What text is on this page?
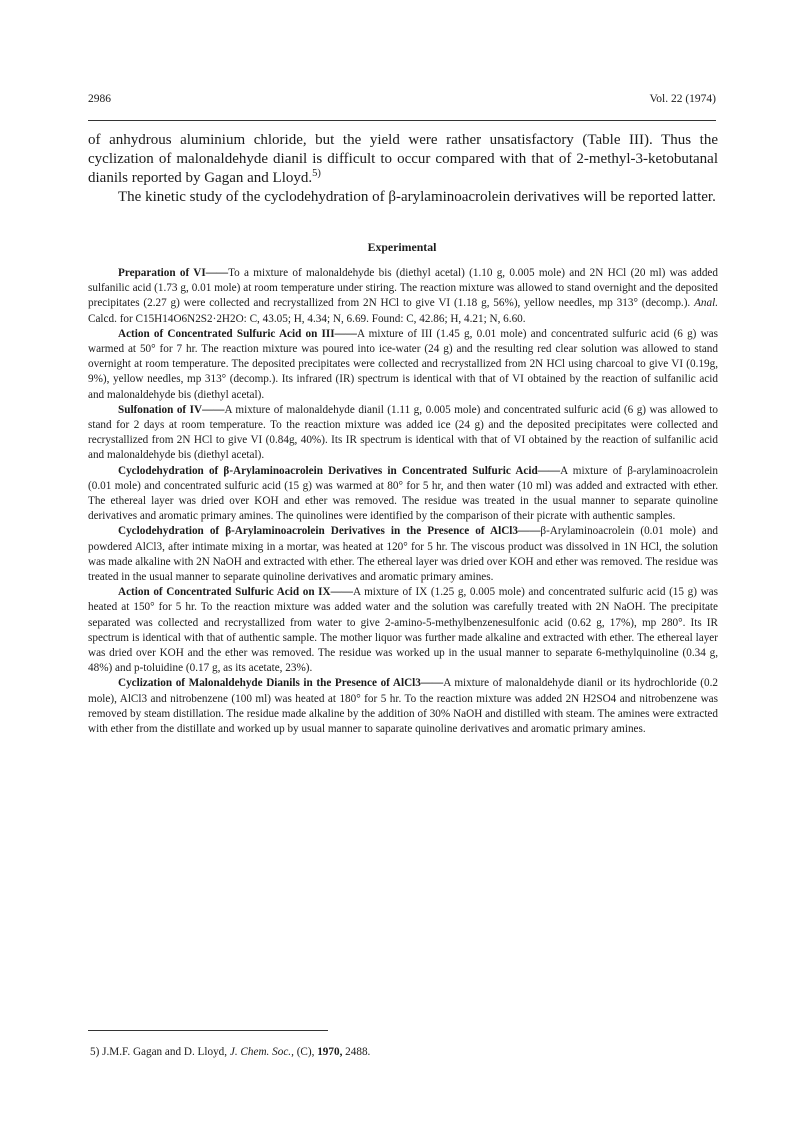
2986	Vol. 22 (1974)

of anhydrous aluminium chloride, but the yield were rather unsatisfactory (Table III). Thus the cyclization of malonaldehyde dianil is difficult to occur compared with that of 2-methyl-3-ketobutanal dianils reported by Gagan and Lloyd.$^{5)}$

The kinetic study of the cyclodehydration of β-arylaminoacrolein derivatives will be reported latter.

Experimental

Preparation of VI——To a mixture of malonaldehyde bis (diethyl acetal) (1.10 g, 0.005 mole) and 2N HCl (20 ml) was added sulfanilic acid (1.73 g, 0.01 mole) at room temperature under stiring. The reaction mixture was allowed to stand overnight and the deposited precipitates (2.27 g) were collected and recrystallized from 2N HCl to give VI (1.18 g, 56%), yellow needles, mp 313° (decomp.). Anal. Calcd. for C15H14O6N2S2·2H2O: C, 43.05; H, 4.34; N, 6.69. Found: C, 42.86; H, 4.21; N, 6.60.

Action of Concentrated Sulfuric Acid on III——A mixture of III (1.45 g, 0.01 mole) and concentrated sulfuric acid (6 g) was warmed at 50° for 7 hr. The reaction mixture was poured into ice-water (24 g) and the resulting red clear solution was allowed to stand overnight at room temperature. The deposited precipitates were collected and recrystallized from 2N HCl using charcoal to give VI (0.19g, 9%), yellow needles, mp 313° (decomp.). Its infrared (IR) spectrum is identical with that of VI obtained by the reaction of sulfanilic acid and malonaldehyde bis (diethyl acetal).

Sulfonation of IV——A mixture of malonaldehyde dianil (1.11 g, 0.005 mole) and concentrated sulfuric acid (6 g) was allowed to stand for 2 days at room temperature. To the reaction mixture was added ice (24 g) and the deposited precipitates were collected and recrystallized from 2N HCl to give VI (0.84g, 40%). Its IR spectrum is identical with that of VI obtained by the reaction of sulfanilic acid and malonaldehyde bis (diethyl acetal).

Cyclodehydration of β-Arylaminoacrolein Derivatives in Concentrated Sulfuric Acid——A mixture of β-arylaminoacrolein (0.01 mole) and concentrated sulfuric acid (15 g) was warmed at 80° for 5 hr, and then water (10 ml) was added and extracted with ether. The ethereal layer was dried over KOH and ether was removed. The residue was treated in the usual manner to separate quinoline derivatives and aromatic primary amines. The quinolines were identified by the comparison of their picrate with authentic samples.

Cyclodehydration of β-Arylaminoacrolein Derivatives in the Presence of AlCl3——β-Arylaminoacrolein (0.01 mole) and powdered AlCl3, after intimate mixing in a mortar, was heated at 120° for 5 hr. The viscous product was dissolved in 1N HCl, the solution was made alkaline with 2N NaOH and extracted with ether. The ethereal layer was dried over KOH and ether was removed. The residue was treated in the usual manner to separate quinoline derivatives and aromatic primary amines.

Action of Concentrated Sulfuric Acid on IX——A mixture of IX (1.25 g, 0.005 mole) and concentrated sulfuric acid (15 g) was heated at 150° for 5 hr. To the reaction mixture was added water and the solution was carefully treated with 2N NaOH. The precipitate separated was collected and recrystallized from water to give 2-amino-5-methylbenzenesulfonic acid (0.62 g, 17%), mp 280°. Its IR spectrum is identical with that of authentic sample. The mother liquor was further made alkaline and extracted with ether. The ethereal layer was dried over KOH and the ether was removed. The residue was worked up in the usual manner to separate 6-methylquinoline (0.34 g, 48%) and p-toluidine (0.17 g, as its acetate, 23%).

Cyclization of Malonaldehyde Dianils in the Presence of AlCl3——A mixture of malonaldehyde dianil or its hydrochloride (0.2 mole), AlCl3 and nitrobenzene (100 ml) was heated at 180° for 5 hr. To the reaction mixture was added 2N H2SO4 and nitrobenzene was removed by steam distillation. The residue made alkaline by the addition of 30% NaOH and distilled with steam. The amines were extracted with ether from the distillate and worked up by usual manner to saparate quinoline derivatives and aromatic primary amines.

5) J.M.F. Gagan and D. Lloyd, J. Chem. Soc., (C), 1970, 2488.
